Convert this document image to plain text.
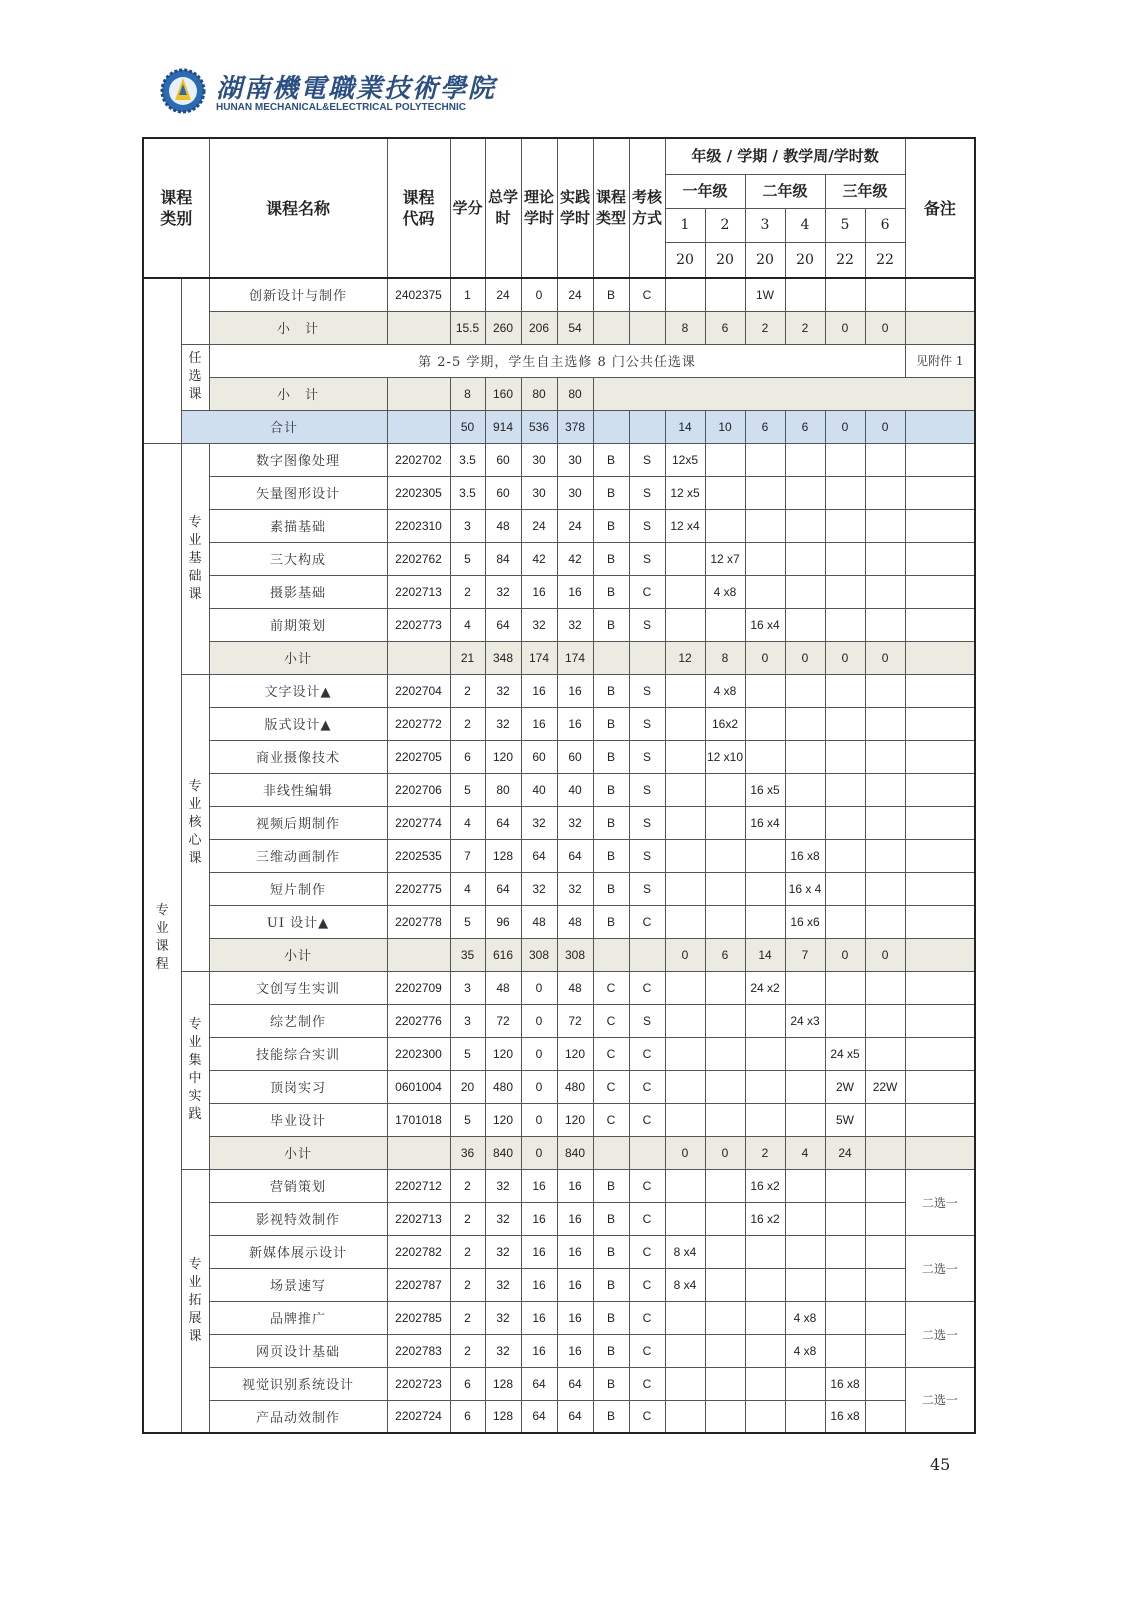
湖南機電職業技術學院
HUNAN MECHANICAL&ELECTRICAL POLYTECHNIC
课程类别		课程名称	课程代码	学分	总学时	理论学时	实践学时	课程类型	考核方式	年级 / 学期 / 教学周/学时数						备注
										一年级		二年级		三年级		
										1	2	3	4	5	6	
										20	20	20	20	22	22	
		创新设计与制作	2402375	1	24	0	24	B	C			1W				
		小　计		15.5	260	206	54			8	6	2	2	0	0	
	任选课	第 2-5 学期，学生自主选修 8 门公共任选课														见附件 1
		小　计		8	160	80	80									
	合计			50	914	536	378			14	10	6	6	0	0	
专业课程	专业基础课	数字图像处理	2202702	3.5	60	30	30	B	S	12x5						
		矢量图形设计	2202305	3.5	60	30	30	B	S	12 x5						
		素描基础	2202310	3	48	24	24	B	S	12 x4						
		三大构成	2202762	5	84	42	42	B	S		12 x7					
		摄影基础	2202713	2	32	16	16	B	C		4 x8					
		前期策划	2202773	4	64	32	32	B	S			16 x4				
		小计		21	348	174	174			12	8	0	0	0	0	
	专业核心课	文字设计▲	2202704	2	32	16	16	B	S		4 x8					
		版式设计▲	2202772	2	32	16	16	B	S		16x2					
		商业摄像技术	2202705	6	120	60	60	B	S		12 x10					
		非线性编辑	2202706	5	80	40	40	B	S			16 x5				
		视频后期制作	2202774	4	64	32	32	B	S			16 x4				
		三维动画制作	2202535	7	128	64	64	B	S				16 x8			
		短片制作	2202775	4	64	32	32	B	S				16 x 4			
		UI 设计▲	2202778	5	96	48	48	B	C				16 x6			
		小计		35	616	308	308			0	6	14	7	0	0	
	专业集中实践	文创写生实训	2202709	3	48	0	48	C	C			24 x2				
		综艺制作	2202776	3	72	0	72	C	S				24 x3			
		技能综合实训	2202300	5	120	0	120	C	C					24 x5		
		顶岗实习	0601004	20	480	0	480	C	C					2W	22W	
		毕业设计	1701018	5	120	0	120	C	C					5W		
		小计		36	840	0	840			0	0	2	4	24		
	专业拓展课	营销策划	2202712	2	32	16	16	B	C			16 x2				二选一
		影视特效制作	2202713	2	32	16	16	B	C			16 x2				
		新媒体展示设计	2202782	2	32	16	16	B	C	8 x4						二选一
		场景速写	2202787	2	32	16	16	B	C	8 x4						
		品牌推广	2202785	2	32	16	16	B	C				4 x8			二选一
		网页设计基础	2202783	2	32	16	16	B	C				4 x8			
		视觉识别系统设计	2202723	6	128	64	64	B	C					16 x8		二选一
		产品动效制作	2202724	6	128	64	64	B	C					16 x8		
45
